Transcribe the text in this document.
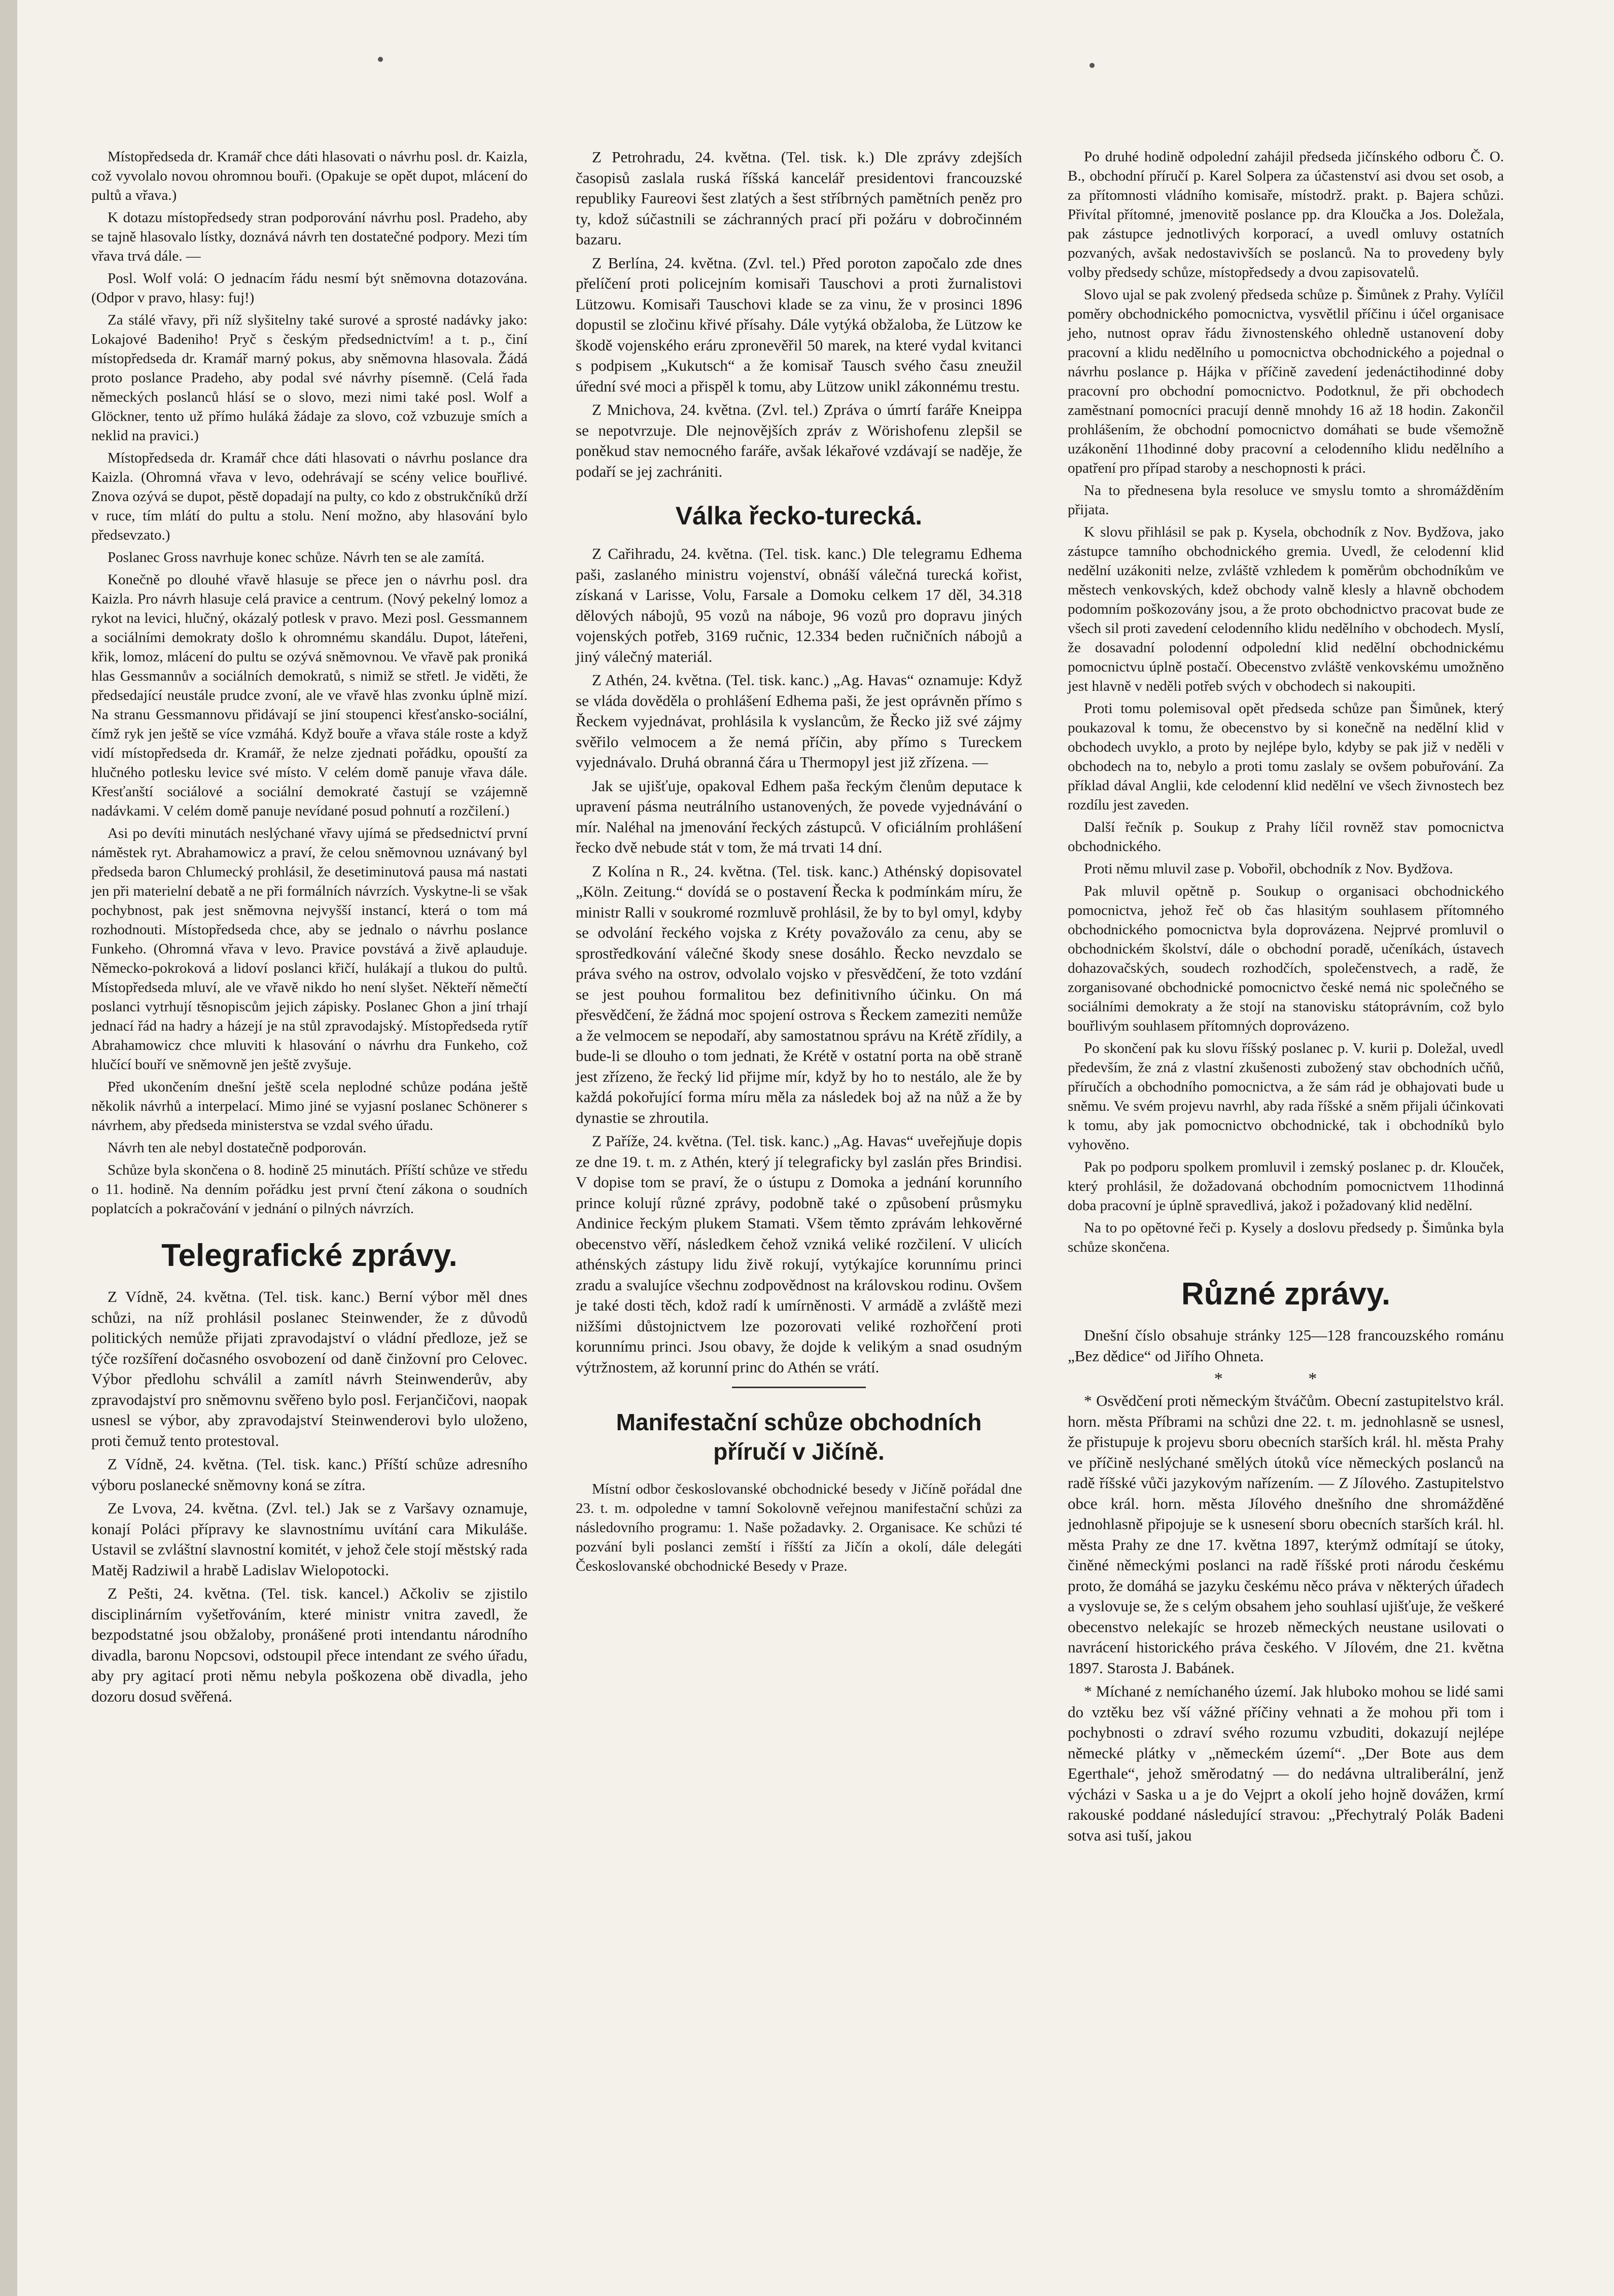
Místopředseda dr. Kramář chce dáti hlasovati o návrhu posl. dr. Kaizla, což vyvolalo novou ohromnou bouři. (Opakuje se opět dupot, mlácení do pultů a vřava.)

K dotazu místopředsedy stran podporování návrhu posl. Pradeho, aby se tajně hlasovalo lístky, doznává návrh ten dostatečné podpory. Mezi tím vřava trvá dále. —

Posl. Wolf volá: O jednacím řádu nesmí být sněmovna dotazována. (Odpor v pravo, hlasy: fuj!)

Za stálé vřavy, při níž slyšitelny také surové a sprosté nadávky jako: Lokajové Badeniho! Pryč s českým předsednictvím! a t. p., činí místopředseda dr. Kramář marný pokus, aby sněmovna hlasovala. Žádá proto poslance Pradeho, aby podal své návrhy písemně. (Celá řada německých poslanců hlásí se o slovo, mezi nimi také posl. Wolf a Glöckner, tento už přímo huláká žádaje za slovo, což vzbuzuje smích a neklid na pravici.)

Místopředseda dr. Kramář chce dáti hlasovati o návrhu poslance dra Kaizla. (Ohromná vřava v levo, odehrávají se scény velice bouřlivé. Znova ozývá se dupot, pěstě dopadají na pulty, co kdo z obstrukčníků drží v ruce, tím mlátí do pultu a stolu. Není možno, aby hlasování bylo předsevzato.)

Poslanec Gross navrhuje konec schůze. Návrh ten se ale zamítá.

Konečně po dlouhé vřavě hlasuje se přece jen o návrhu posl. dra Kaizla. Pro návrh hlasuje celá pravice a centrum. (Nový pekelný lomoz a rykot na levici, hlučný, okázalý potlesk v pravo. Mezi posl. Gessmannem a sociálními demokraty došlo k ohromnému skandálu. Dupot, láteřeni, křik, lomoz, mlácení do pultu se ozývá sněmovnou. Ve vřavě pak proniká hlas Gessmannův a sociálních demokratů, s nimiž se střetl. Je viděti, že předsedající neustále prudce zvoní, ale ve vřavě hlas zvonku úplně mizí. Na stranu Gessmannovu přidávají se jiní stoupenci křesťansko-sociální, čímž ryk jen ještě se více vzmáhá. Když bouře a vřava stále roste a když vidí místopředseda dr. Kramář, že nelze zjednati pořádku, opouští za hlučného potlesku levice své místo. V celém domě panuje vřava dále. Křesťanští sociálové a sociální demokraté častují se vzájemně nadávkami. V celém domě panuje nevídané posud pohnutí a rozčilení.)

Asi po devíti minutách neslýchané vřavy ujímá se předsednictví první náměstek ryt. Abrahamowicz a praví, že celou sněmovnou uznávaný byl předseda baron Chlumecký prohlásil, že desetiminutová pausa má nastati jen při materielní debatě a ne při formálních návrzích. Vyskytne-li se však pochybnost, pak jest sněmovna nejvyšší instancí, která o tom má rozhodnouti. Místopředseda chce, aby se jednalo o návrhu poslance Funkeho. (Ohromná vřava v levo. Pravice povstává a živě aplauduje. Německo-pokroková a lidoví poslanci křičí, hulákají a tlukou do pultů. Místopředseda mluví, ale ve vřavě nikdo ho není slyšet. Někteří němečtí poslanci vytrhují těsnopiscům jejich zápisky. Poslanec Ghon a jiní trhají jednací řád na hadry a házejí je na stůl zpravodajský. Místopředseda rytíř Abrahamowicz chce mluviti k hlasování o návrhu dra Funkeho, což hlučící bouří ve sněmovně jen ještě zvyšuje.

Před ukončením dnešní ještě scela neplodné schůze podána ještě několik návrhů a interpelací. Mimo jiné se vyjasní poslanec Schönerer s návrhem, aby předseda ministerstva se vzdal svého úřadu.

Návrh ten ale nebyl dostatečně podporován.

Schůze byla skončena o 8. hodině 25 minutách. Příští schůze ve středu o 11. hodině. Na denním pořádku jest první čtení zákona o soudních poplatcích a pokračování v jednání o pilných návrzích.

Telegrafické zprávy.

Z Vídně, 24. května. (Tel. tisk. kanc.) Berní výbor měl dnes schůzi, na níž prohlásil poslanec Steinwender, že z důvodů politických nemůže přijati zpravodajství o vládní předloze, jež se týče rozšíření dočasného osvobození od daně činžovní pro Celovec. Výbor předlohu schválil a zamítl návrh Steinwenderův, aby zpravodajství pro sněmovnu svěřeno bylo posl. Ferjančičovi, naopak usnesl se výbor, aby zpravodajství Steinwenderovi bylo uloženo, proti čemuž tento protestoval.

Z Vídně, 24. května. (Tel. tisk. kanc.) Příští schůze adresního výboru poslanecké sněmovny koná se zítra.

Ze Lvova, 24. května. (Zvl. tel.) Jak se z Varšavy oznamuje, konají Poláci přípravy ke slavnostnímu uvítání cara Mikuláše. Ustavil se zvláštní slavnostní komitét, v jehož čele stojí městský rada Matěj Radziwil a hrabě Ladislav Wielopotocki.

Z Pešti, 24. května. (Tel. tisk. kancel.) Ačkoliv se zjistilo disciplinárním vyšetřováním, které ministr vnitra zavedl, že bezpodstatné jsou obžaloby, pronášené proti intendantu národního divadla, baronu Nopcsovi, odstoupil přece intendant ze svého úřadu, aby pry agitací proti němu nebyla poškozena obě divadla, jeho dozoru dosud svěřená.

Z Petrohradu, 24. května. (Tel. tisk. k.) Dle zprávy zdejších časopisů zaslala ruská říšská kancelář presidentovi francouzské republiky Faureovi šest zlatých a šest stříbrných pamětních peněz pro ty, kdož súčastnili se záchranných prací při požáru v dobročinném bazaru.

Z Berlína, 24. května. (Zvl. tel.) Před poroton započalo zde dnes přelíčení proti policejním komisaři Tauschovi a proti žurnalistovi Lützowu. Komisaři Tauschovi klade se za vinu, že v prosinci 1896 dopustil se zločinu křivé přísahy. Dále vytýká obžaloba, že Lützow ke škodě vojenského eráru zpronevěřil 50 marek, na které vydal kvitanci s podpisem „Kukutsch“ a že komisař Tausch svého času zneužil úřední své moci a přispěl k tomu, aby Lützow unikl zákonnému trestu.

Z Mnichova, 24. května. (Zvl. tel.) Zpráva o úmrtí faráře Kneippa se nepotvrzuje. Dle nejnovějších zpráv z Wörishofenu zlepšil se poněkud stav nemocného faráře, avšak lékařové vzdávají se naděje, že podaří se jej zachrániti.

Válka řecko-turecká.

Z Cařihradu, 24. května. (Tel. tisk. kanc.) Dle telegramu Edhema paši, zaslaného ministru vojenství, obnáší válečná turecká kořist, získaná v Larisse, Volu, Farsale a Domoku celkem 17 děl, 34.318 dělových nábojů, 95 vozů na náboje, 96 vozů pro dopravu jiných vojenských potřeb, 3169 ručnic, 12.334 beden ručničních nábojů a jiný válečný materiál.

Z Athén, 24. května. (Tel. tisk. kanc.) „Ag. Havas“ oznamuje: Když se vláda dověděla o prohlášení Edhema paši, že jest oprávněn přímo s Řeckem vyjednávat, prohlásila k vyslancům, že Řecko již své zájmy svěřilo velmocem a že nemá příčin, aby přímo s Tureckem vyjednávalo. Druhá obranná čára u Thermopyl jest již zřízena. —

Jak se ujišťuje, opakoval Edhem paša řeckým členům deputace k upravení pásma neutrálního ustanovených, že povede vyjednávání o mír. Naléhal na jmenování řeckých zástupců. V oficiálním prohlášení řecko dvě nebude stát v tom, že má trvati 14 dní.

Z Kolína n R., 24. května. (Tel. tisk. kanc.) Athénský dopisovatel „Köln. Zeitung.“ dovídá se o postavení Řecka k podmínkám míru, že ministr Ralli v soukromé rozmluvě prohlásil, že by to byl omyl, kdyby se odvolání řeckého vojska z Kréty považoválo za cenu, aby se sprostředkování válečné škody snese dosáhlo. Řecko nevzdalo se práva svého na ostrov, odvolalo vojsko v přesvědčení, že toto vzdání se jest pouhou formalitou bez definitivního účinku. On má přesvědčení, že žádná moc spojení ostrova s Řeckem zameziti nemůže a že velmocem se nepodaří, aby samostatnou správu na Krétě zřídily, a bude-li se dlouho o tom jednati, že Krétě v ostatní porta na obě straně jest zřízeno, že řecký lid přijme mír, když by ho to nestálo, ale že by každá pokořující forma míru měla za následek boj až na nůž a že by dynastie se zhroutila.

Z Paříže, 24. května. (Tel. tisk. kanc.) „Ag. Havas“ uveřejňuje dopis ze dne 19. t. m. z Athén, který jí telegraficky byl zaslán přes Brindisi. V dopise tom se praví, že o ústupu z Domoka a jednání korunního prince kolují různé zprávy, podobně také o způsobení průsmyku Andinice řeckým plukem Stamati. Všem těmto zprávám lehkověrné obecenstvo věří, následkem čehož vzniká veliké rozčilení. V ulicích athénských zástupy lidu živě rokují, vytýkajíce korunnímu princi zradu a svalujíce všechnu zodpovědnost na královskou rodinu. Ovšem je také dosti těch, kdož radí k umírněnosti. V armádě a zvláště mezi nižšími důstojnictvem lze pozorovati veliké rozhořčení proti korunnímu princi. Jsou obavy, že dojde k velikým a snad osudným výtržnostem, až korunní princ do Athén se vrátí.

Manifestační schůze obchodních
příručí v Jičíně.

Místní odbor českoslovanské obchodnické besedy v Jičíně pořádal dne 23. t. m. odpoledne v tamní Sokolovně veřejnou manifestační schůzi za následovního programu: 1. Naše požadavky. 2. Organisace. Ke schůzi té pozvání byli poslanci zemští i říšští za Jičín a okolí, dále delegáti Českoslovanské obchodnické Besedy v Praze.

Po druhé hodině odpolední zahájil předseda jičínského odboru Č. O. B., obchodní příručí p. Karel Solpera za účastenství asi dvou set osob, a za přítomnosti vládního komisaře, místodrž. prakt. p. Bajera schůzi. Přivítal přítomné, jmenovitě poslance pp. dra Kloučka a Jos. Doležala, pak zástupce jednotlivých korporací, a uvedl omluvy ostatních pozvaných, avšak nedostavivších se poslanců. Na to provedeny byly volby předsedy schůze, místopředsedy a dvou zapisovatelů.

Slovo ujal se pak zvolený předseda schůze p. Šimůnek z Prahy. Vylíčil poměry obchodnického pomocnictva, vysvětlil příčinu i účel organisace jeho, nutnost oprav řádu živnostenského ohledně ustanovení doby pracovní a klidu nedělního u pomocnictva obchodnického a pojednal o návrhu poslance p. Hájka v příčině zavedení jedenáctihodinné doby pracovní pro obchodní pomocnictvo. Podotknul, že při obchodech zaměstnaní pomocníci pracují denně mnohdy 16 až 18 hodin. Zakončil prohlášením, že obchodní pomocnictvo domáhati se bude všemožně uzákonění 11hodinné doby pracovní a celodenního klidu nedělního a opatření pro případ staroby a neschopnosti k práci.

Na to přednesena byla resoluce ve smyslu tomto a shromážděním přijata.

K slovu přihlásil se pak p. Kysela, obchodník z Nov. Bydžova, jako zástupce tamního obchodnického gremia. Uvedl, že celodenní klid nedělní uzákoniti nelze, zvláště vzhledem k poměrům obchodníkům ve městech venkovských, kdež obchody valně klesly a hlavně obchodem podomním poškozovány jsou, a že proto obchodnictvo pracovat bude ze všech sil proti zavedení celodenního klidu nedělního v obchodech. Myslí, že dosavadní polodenní odpolední klid nedělní obchodnickému pomocnictvu úplně postačí. Obecenstvo zvláště venkovskému umožněno jest hlavně v neděli potřeb svých v obchodech si nakoupiti.

Proti tomu polemisoval opět předseda schůze pan Šimůnek, který poukazoval k tomu, že obecenstvo by si konečně na nedělní klid v obchodech uvyklo, a proto by nejlépe bylo, kdyby se pak již v neděli v obchodech na to, nebylo a proti tomu zaslaly se ovšem pobuřování. Za příklad dával Anglii, kde celodenní klid nedělní ve všech živnostech bez rozdílu jest zaveden.

Další řečník p. Soukup z Prahy líčil rovněž stav pomocnictva obchodnického.

Proti němu mluvil zase p. Vobořil, obchodník z Nov. Bydžova.

Pak mluvil opětně p. Soukup o organisaci obchodnického pomocnictva, jehož řeč ob čas hlasitým souhlasem přítomného obchodnického pomocnictva byla doprovázena. Nejprvé promluvil o obchodnickém školství, dále o obchodní poradě, učeníkách, ústavech dohazovačských, soudech rozhodčích, společenstvech, a radě, že zorganisované obchodnické pomocnictvo české nemá nic společného se sociálními demokraty a že stojí na stanovisku státoprávním, což bylo bouřlivým souhlasem přítomných doprovázeno.

Po skončení pak ku slovu říšský poslanec p. V. kurii p. Doležal, uvedl především, že zná z vlastní zkušenosti zubožený stav obchodních učňů, příručích a obchodního pomocnictva, a že sám rád je obhajovati bude u sněmu. Ve svém projevu navrhl, aby rada říšské a sněm přijali účinkovati k tomu, aby jak pomocnictvo obchodnické, tak i obchodníků bylo vyhověno.

Pak po podporu spolkem promluvil i zemský poslanec p. dr. Klouček, který prohlásil, že dožadovaná obchodním pomocnictvem 11hodinná doba pracovní je úplně spravedlivá, jakož i požadovaný klid nedělní.

Na to po opětovné řeči p. Kysely a doslovu předsedy p. Šimůnka byla schůze skončena.

Různé zprávy.

Dnešní číslo obsahuje stránky 125—128 francouzského románu „Bez dědice“ od Jiřího Ohneta.

* *

* Osvědčení proti německým štváčům. Obecní zastupitelstvo král. horn. města Příbrami na schůzi dne 22. t. m. jednohlasně se usnesl, že přistupuje k projevu sboru obecních starších král. hl. města Prahy ve příčině neslýchané smělých útoků více německých poslanců na radě říšské vůči jazykovým nařízením. — Z Jílového. Zastupitelstvo obce král. horn. města Jílového dnešního dne shromážděné jednohlasně připojuje se k usnesení sboru obecních starších král. hl. města Prahy ze dne 17. května 1897, kterýmž odmítají se útoky, činěné německými poslanci na radě říšské proti národu českému proto, že domáhá se jazyku českému něco práva v některých úřadech a vyslovuje se, že s celým obsahem jeho souhlasí ujišťuje, že veškeré obecenstvo nelekajíc se hrozeb německých neustane usilovati o navrácení historického práva českého. V Jílovém, dne 21. května 1897. Starosta J. Babánek.

* Míchané z nemíchaného území. Jak hluboko mohou se lidé sami do vztěku bez vší vážné příčiny vehnati a že mohou při tom i pochybnosti o zdraví svého rozumu vzbuditi, dokazují nejlépe německé plátky v „německém území“. „Der Bote aus dem Egerthale“, jehož směrodatný — do nedávna ultraliberální, jenž výcházi v Saska u a je do Vejprt a okolí jeho hojně dovážen, krmí rakouské poddané následující stravou: „Přechytralý Polák Badeni sotva asi tuší, jakou
